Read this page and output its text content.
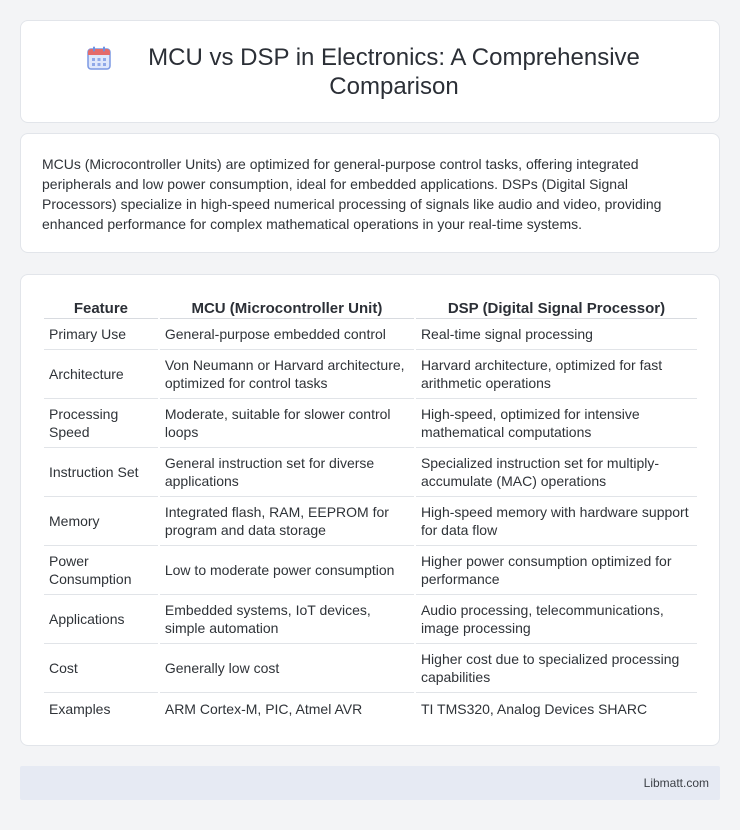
MCU vs DSP in Electronics: A Comprehensive Comparison

MCUs (Microcontroller Units) are optimized for general-purpose control tasks, offering integrated peripherals and low power consumption, ideal for embedded applications. DSPs (Digital Signal Processors) specialize in high-speed numerical processing of signals like audio and video, providing enhanced performance for complex mathematical operations in your real-time systems.

Feature	MCU (Microcontroller Unit)	DSP (Digital Signal Processor)
Primary Use	General-purpose embedded control	Real-time signal processing
Architecture	Von Neumann or Harvard architecture, optimized for control tasks	Harvard architecture, optimized for fast arithmetic operations
Processing Speed	Moderate, suitable for slower control loops	High-speed, optimized for intensive mathematical computations
Instruction Set	General instruction set for diverse applications	Specialized instruction set for multiply-accumulate (MAC) operations
Memory	Integrated flash, RAM, EEPROM for program and data storage	High-speed memory with hardware support for data flow
Power Consumption	Low to moderate power consumption	Higher power consumption optimized for performance
Applications	Embedded systems, IoT devices, simple automation	Audio processing, telecommunications, image processing
Cost	Generally low cost	Higher cost due to specialized processing capabilities
Examples	ARM Cortex-M, PIC, Atmel AVR	TI TMS320, Analog Devices SHARC
Libmatt.com
